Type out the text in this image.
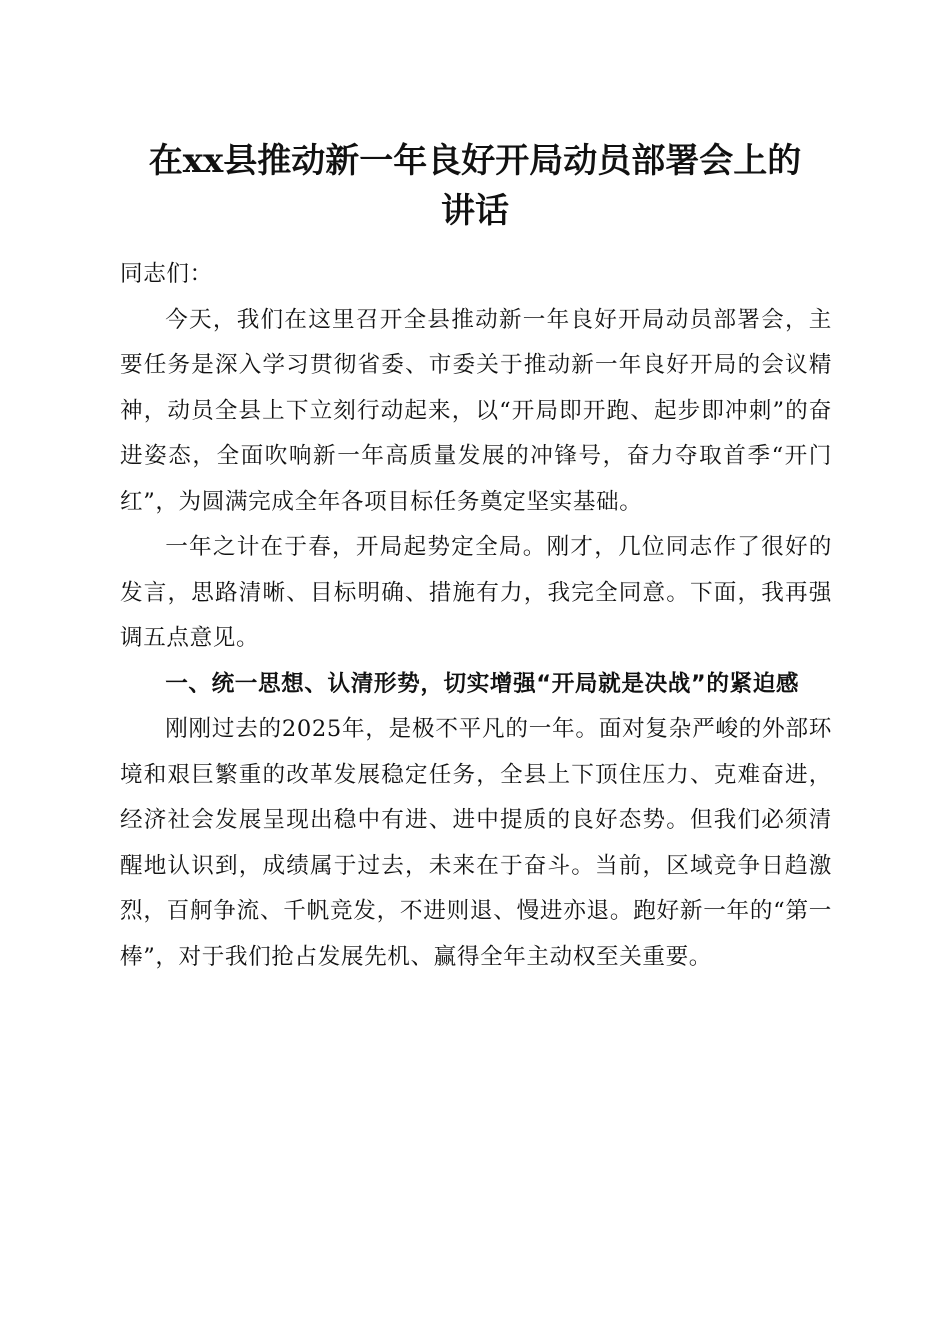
在xx县推动新一年良好开局动员部署会上的
讲话

同志们：

今天，我们在这里召开全县推动新一年良好开局动员部署会，主要任务是深入学习贯彻省委、市委关于推动新一年良好开局的会议精神，动员全县上下立刻行动起来，以“开局即开跑、起步即冲刺”的奋进姿态，全面吹响新一年高质量发展的冲锋号，奋力夺取首季“开门红”，为圆满完成全年各项目标任务奠定坚实基础。

一年之计在于春，开局起势定全局。刚才，几位同志作了很好的发言，思路清晰、目标明确、措施有力，我完全同意。下面，我再强调五点意见。

一、统一思想、认清形势，切实增强“开局就是决战”的紧迫感

刚刚过去的2025年，是极不平凡的一年。面对复杂严峻的外部环境和艰巨繁重的改革发展稳定任务，全县上下顶住压力、克难奋进，经济社会发展呈现出稳中有进、进中提质的良好态势。但我们必须清醒地认识到，成绩属于过去，未来在于奋斗。当前，区域竞争日趋激烈，百舸争流、千帆竞发，不进则退、慢进亦退。跑好新一年的“第一棒”，对于我们抢占发展先机、赢得全年主动权至关重要。
